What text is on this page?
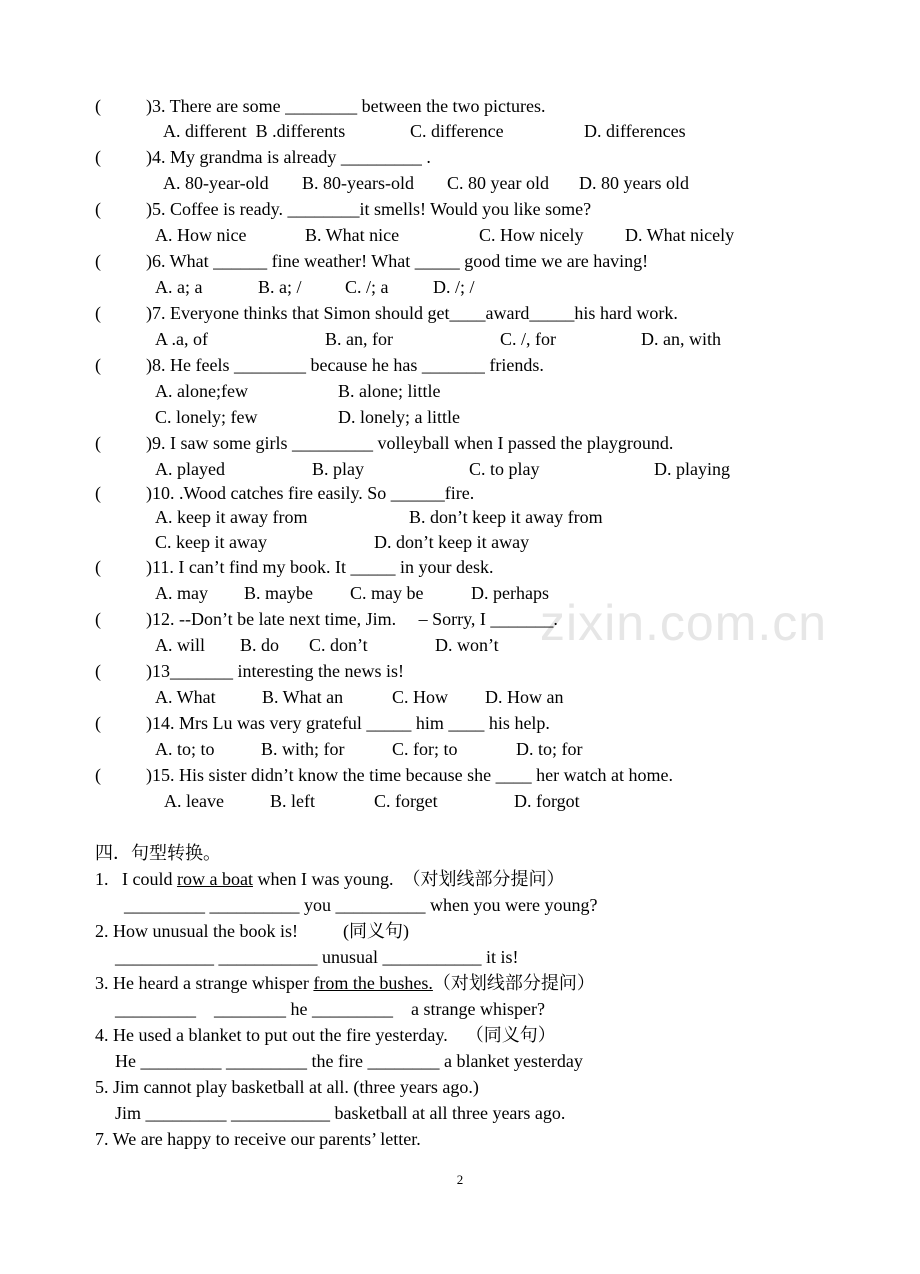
zixin.com.cn
(          )3. There are some ________ between the two pictures.
A. different  B .differents	C. difference	D. differences
(          )4. My grandma is already _________ .
A. 80-year-old B. 80-years-old C. 80 year old D. 80 years old
(          )5. Coffee is ready. ________it smells! Would you like some?
A. How nice	B. What nice	C. How nicely D. What nicely
(          )6. What ______ fine weather! What _____ good time we are having!
A. a; a	B. a; / C. /; a D. /; /
(          )7. Everyone thinks that Simon should get____award_____his hard work.
A .a, of	B. an, for	C. /, for	D. an, with
(          )8. He feels ________ because he has _______ friends.
A. alone;few	B. alone; little
C. lonely; few	D. lonely; a little
(          )9. I saw some girls _________ volleyball when I passed the playground.
A. played	B. play	C. to play	D. playing
(          )10. .Wood catches fire easily. So ______fire.
A. keep it away from	B. don’t keep it away from
C. keep it away	D. don’t keep it away
(          )11. I can’t find my book. It _____ in your desk.
A. may B. maybe C. may be	D. perhaps
(          )12. --Don’t be late next time, Jim.     – Sorry, I _______.
A. will B. do C. don’t	D. won’t
(          )13_______ interesting the news is!
A. What	B. What an	C. How D. How an
(          )14. Mrs Lu was very grateful _____ him ____ his help.
A. to; to	B. with; for	C. for; to	D. to; for
(          )15. His sister didn’t know the time because she ____ her watch at home.
A. leave	B. left	C. forget	D. forgot
四．句型转换。
1.   I could row a boat when I was young.  （对划线部分提问）
_________ __________ you __________ when you were young?
2. How unusual the book is!          (同义句)
___________ ___________ unusual ___________ it is!
3. He heard a strange whisper from the bushes.（对划线部分提问）
_________    ________ he _________    a strange whisper?
4. He used a blanket to put out the fire yesterday.    （同义句）
He _________ _________ the fire ________ a blanket yesterday
5. Jim cannot play basketball at all. (three years ago.)
Jim _________ ___________ basketball at all three years ago.
7. We are happy to receive our parents’ letter.
2
